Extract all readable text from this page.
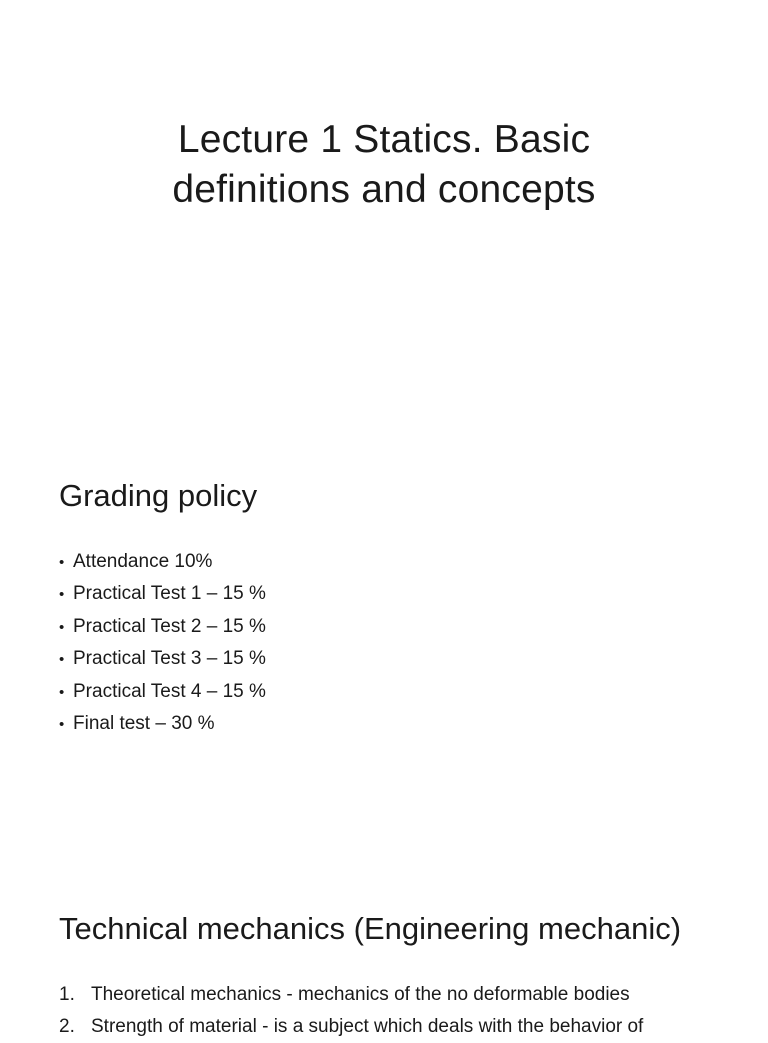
Lecture 1 Statics. Basic
definitions and concepts
Grading policy
• Attendance 10%
• Practical Test 1 – 15 %
• Practical Test 2 – 15 %
• Practical Test 3 – 15 %
• Practical Test 4 – 15 %
• Final test – 30 %
Technical mechanics (Engineering mechanic)
1. Theoretical mechanics - mechanics of the no deformable bodies
2. Strength of material - is a subject which deals with the behavior of
